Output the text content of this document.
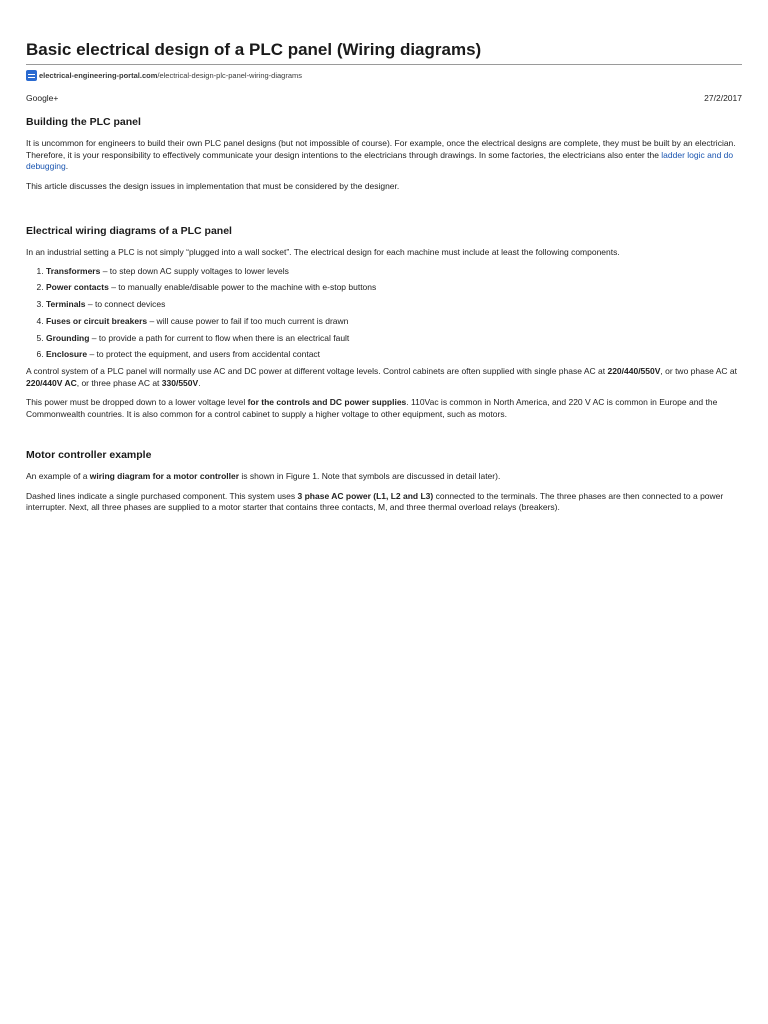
Basic electrical design of a PLC panel (Wiring diagrams)
electrical-engineering-portal.com/electrical-design-plc-panel-wiring-diagrams
Google+	27/2/2017
Building the PLC panel

It is uncommon for engineers to build their own PLC panel designs (but not impossible of course). For example, once the electrical designs are complete, they must be built by an electrician. Therefore, it is your responsibility to effectively communicate your design intentions to the electricians through drawings. In some factories, the electricians also enter the ladder logic and do debugging.

This article discusses the design issues in implementation that must be considered by the designer.

Electrical wiring diagrams of a PLC panel

In an industrial setting a PLC is not simply “plugged into a wall socket”. The electrical design for each machine must include at least the following components.

1. Transformers – to step down AC supply voltages to lower levels
2. Power contacts – to manually enable/disable power to the machine with e-stop buttons
3. Terminals – to connect devices
4. Fuses or circuit breakers – will cause power to fail if too much current is drawn
5. Grounding – to provide a path for current to flow when there is an electrical fault
6. Enclosure – to protect the equipment, and users from accidental contact

A control system of a PLC panel will normally use AC and DC power at different voltage levels. Control cabinets are often supplied with single phase AC at 220/440/550V, or two phase AC at 220/440V AC, or three phase AC at 330/550V.

This power must be dropped down to a lower voltage level for the controls and DC power supplies. 110Vac is common in North America, and 220 V AC is common in Europe and the Commonwealth countries. It is also common for a control cabinet to supply a higher voltage to other equipment, such as motors.

Motor controller example

An example of a wiring diagram for a motor controller is shown in Figure 1. Note that symbols are discussed in detail later).

Dashed lines indicate a single purchased component. This system uses 3 phase AC power (L1, L2 and L3) connected to the terminals. The three phases are then connected to a power interrupter. Next, all three phases are supplied to a motor starter that contains three contacts, M, and three thermal overload relays (breakers).
